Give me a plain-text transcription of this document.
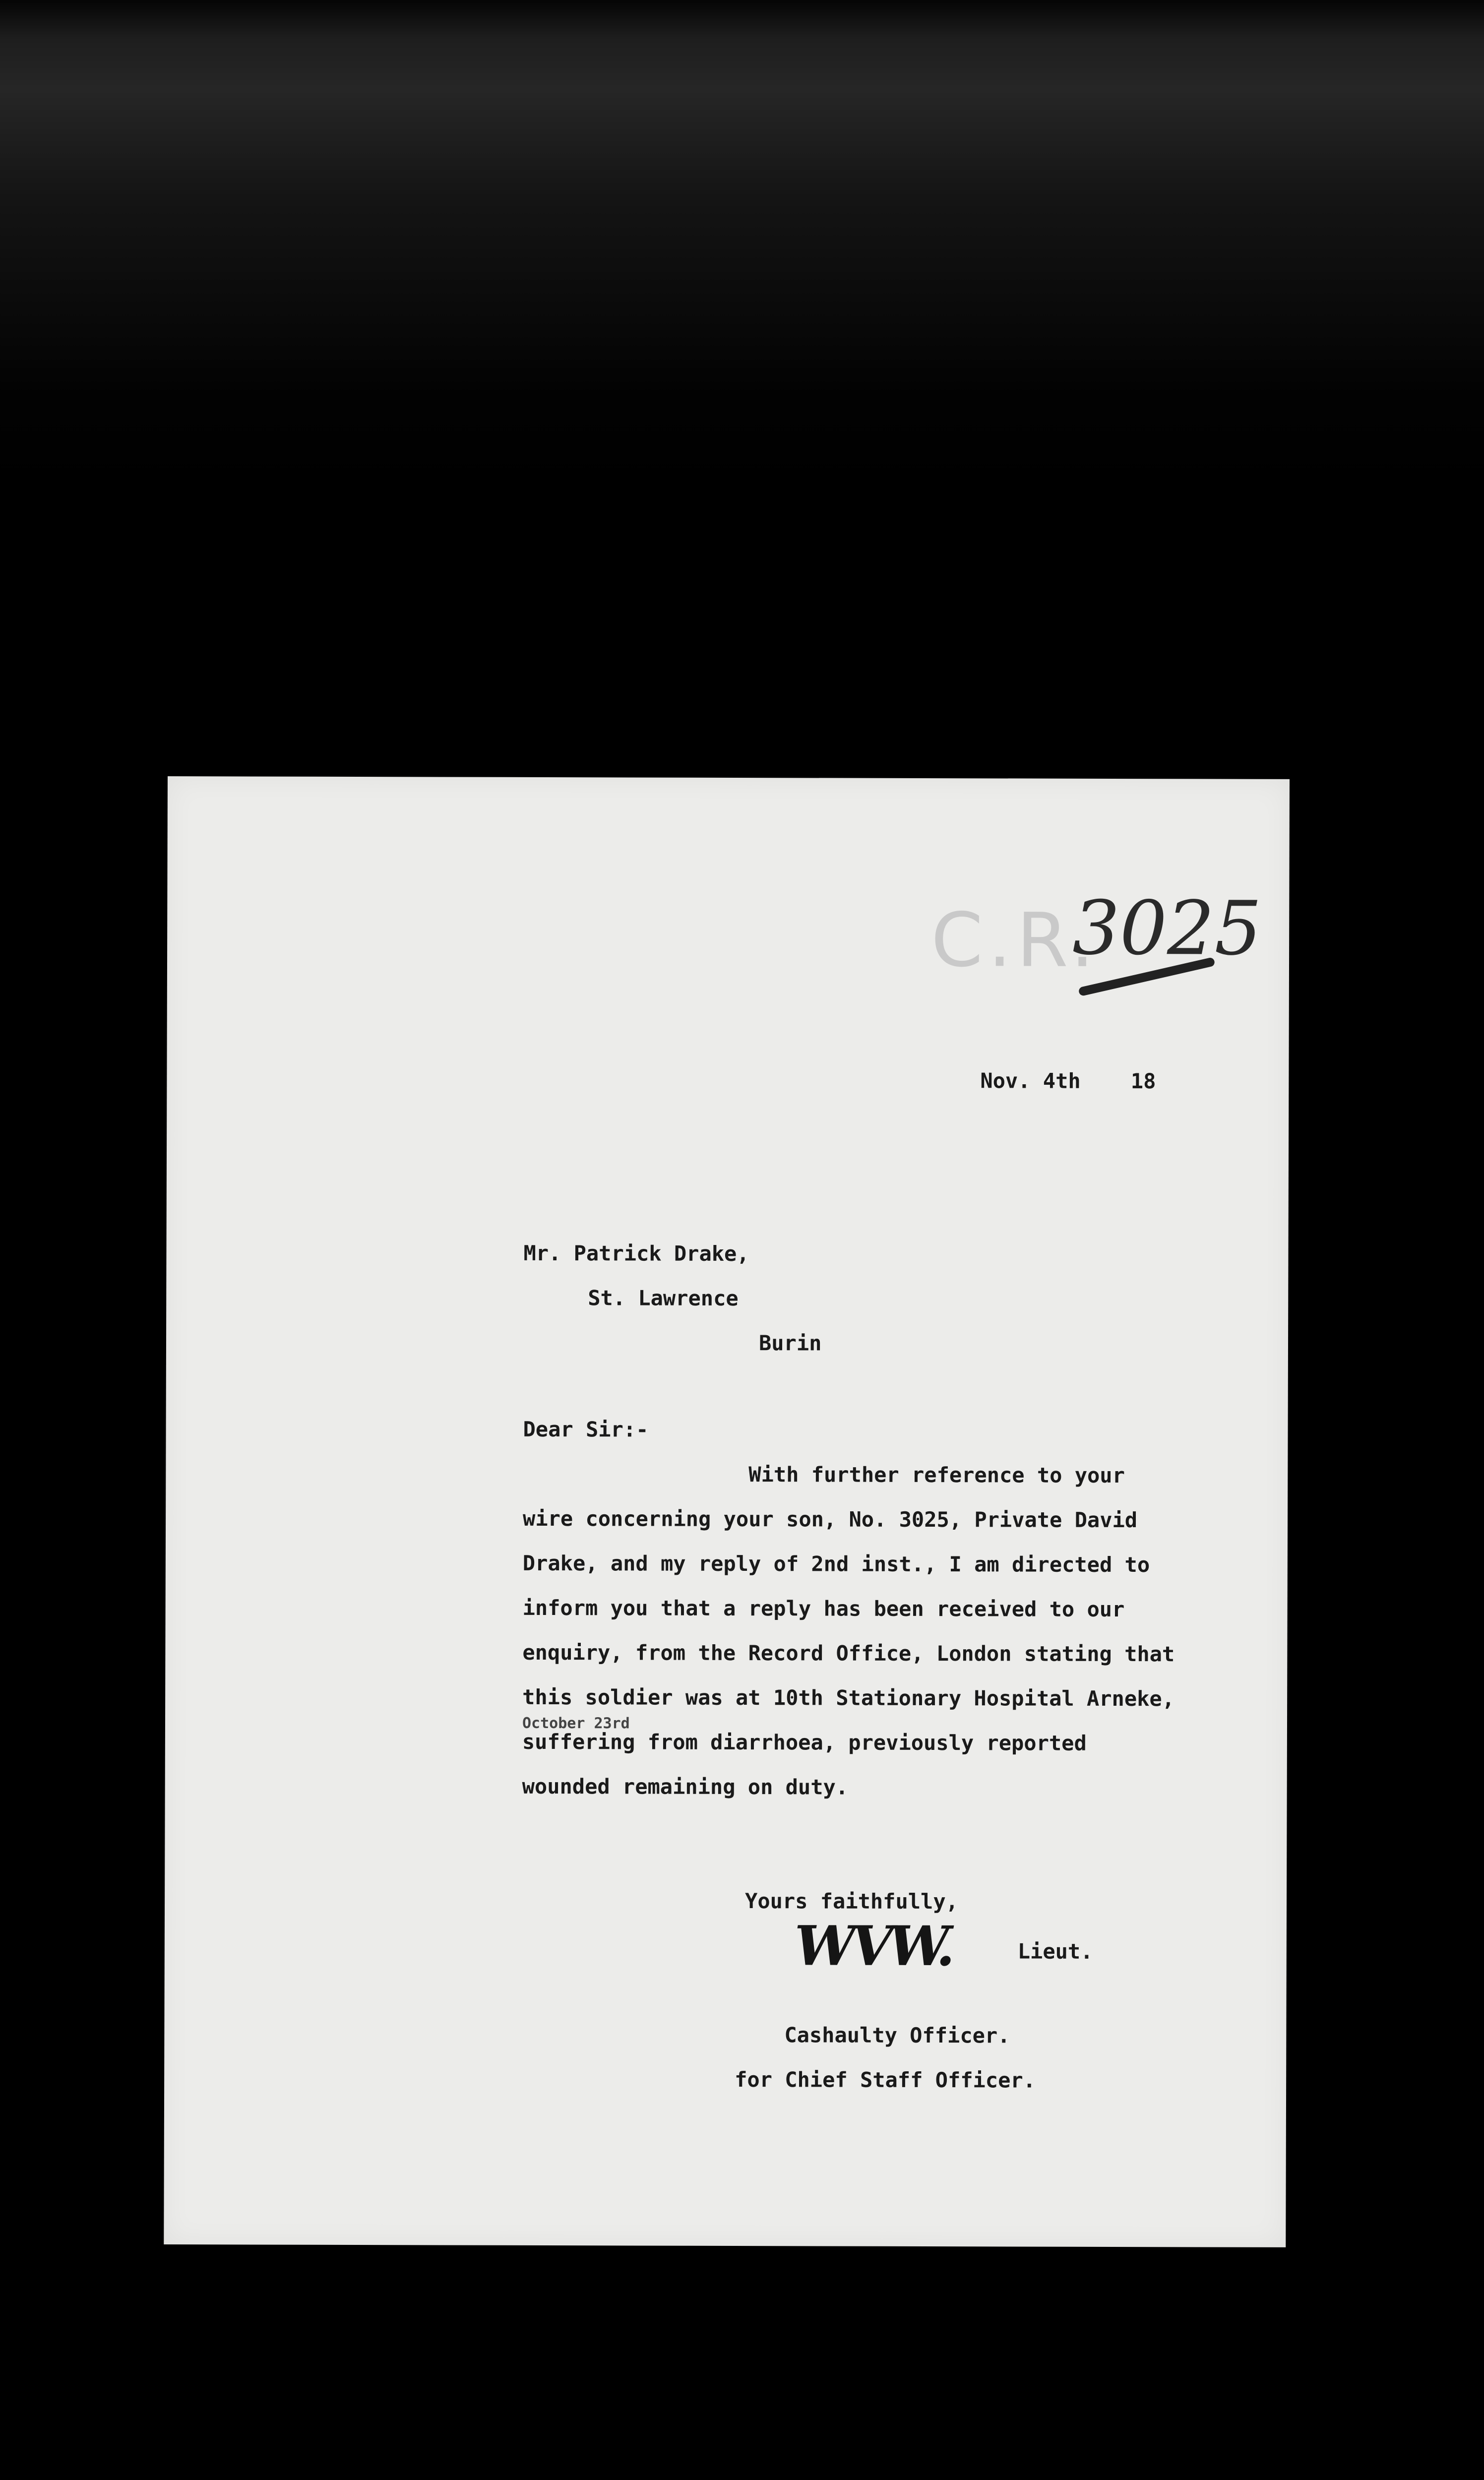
C.R.
3025
Nov. 4th    18
Mr. Patrick Drake,
St. Lawrence
Burin
Dear Sir:-
With further reference to your
wire concerning your son, No. 3025, Private David
Drake, and my reply of 2nd inst., I am directed to
inform you that a reply has been received to our
enquiry, from the Record Office, London stating that
this soldier was at 10th Stationary Hospital Arneke,
October 23rd
suffering from diarrhoea, previously reported
wounded remaining on duty.
Yours faithfully,
WVW.	Lieut.
Cashaulty Officer.
for Chief Staff Officer.
